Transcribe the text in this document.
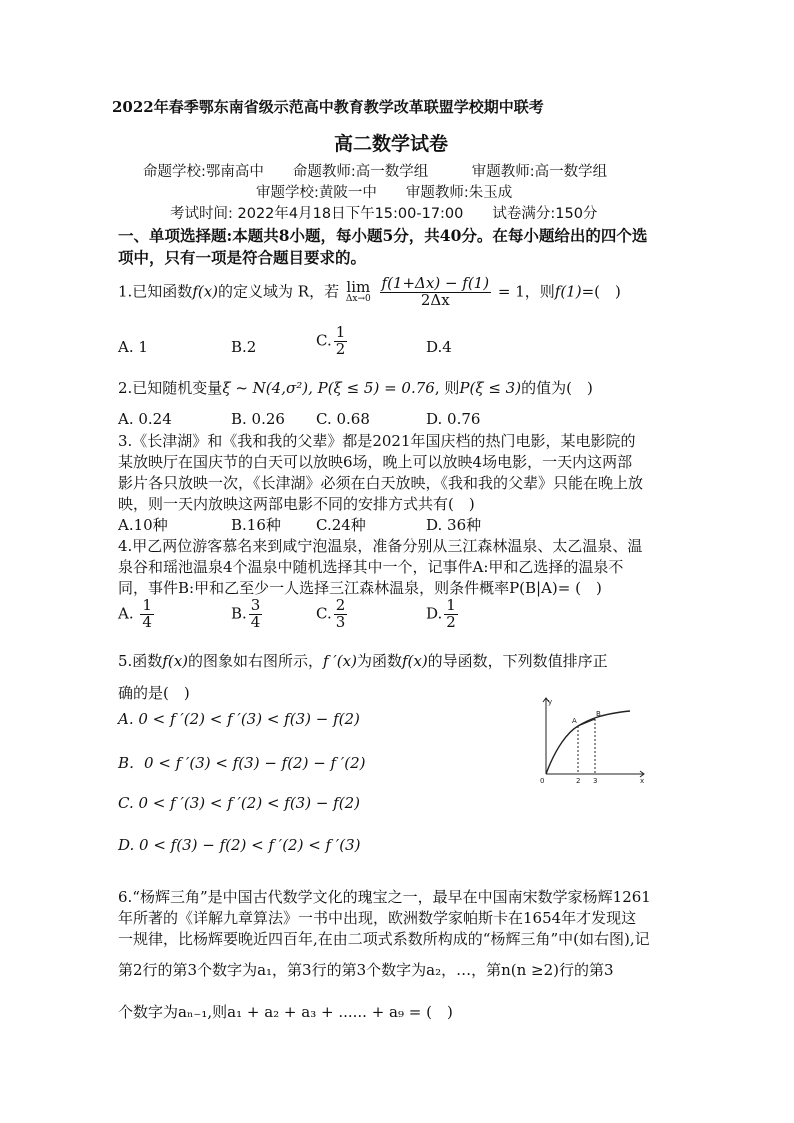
2022年春季鄂东南省级示范高中教育教学改革联盟学校期中联考
高二数学试卷
命题学校:鄂南高中　　命题教师:高一数学组　　　审题教师:高一数学组
审题学校:黄陂一中　　审题教师:朱玉成
考试时间: 2022年4月18日下午15:00-17:00　　试卷满分:150分
一、单项选择题:本题共8小题，每小题5分，共40分。在每小题给出的四个选
项中，只有一项是符合题目要求的。
1.已知函数f(x)的定义域为 R，若 lim
Δx→0
$\frac{f(1+\Delta x) - f(1)}{2\Delta x} = 1$，则f(1)=(　)
A. 1	B.2	C. $\frac{1}{2}$	D.4
2.已知随机变量ξ ~ N(4,σ²), P(ξ ≤ 5) = 0.76, 则P(ξ ≤ 3)的值为(　)
A. 0.24	B. 0.26 C. 0.68	D. 0.76
3.《长津湖》和《我和我的父辈》都是2021年国庆档的热门电影，某电影院的
某放映厅在国庆节的白天可以放映6场，晚上可以放映4场电影，一天内这两部
影片各只放映一次，《长津湖》必须在白天放映，《我和我的父辈》只能在晚上放
映，则一天内放映这两部电影不同的安排方式共有(　)
A.10种	B.16种 C.24种	D. 36种
4.甲乙两位游客慕名来到咸宁泡温泉，准备分别从三江森林温泉、太乙温泉、温
泉谷和瑶池温泉4个温泉中随机选择其中一个，记事件A:甲和乙选择的温泉不
同，事件B:甲和乙至少一人选择三江森林温泉，则条件概率P(B|A)= (　)
A. $\frac{1}{4}$	B. $\frac{3}{4}$	C. $\frac{2}{3}$	D. $\frac{1}{2}$
5.函数f(x)的图象如右图所示，f ′(x)为函数f(x)的导函数，下列数值排序正
确的是(　)
A. 0 < f ′(2) < f ′(3) < f(3) − f(2)
B．0 < f ′(3) < f(3) − f(2) − f ′(2)
C. 0 < f ′(3) < f ′(2) < f(3) − f(2)
D. 0 < f(3) − f(2) < f ′(2) < f ′(3)
y
x
0	2 3
A
B
6.“杨辉三角”是中国古代数学文化的瑰宝之一，最早在中国南宋数学家杨辉1261
年所著的《详解九章算法》一书中出现，欧洲数学家帕斯卡在1654年才发现这
一规律，比杨辉要晚近四百年,在由二项式系数所构成的“杨辉三角”中(如右图),记
第2行的第3个数字为a₁，第3行的第3个数字为a₂，…，第n(n ≥2)行的第3
个数字为aₙ₋₁,则a₁ + a₂ + a₃ + ...... + a₉ = (　)
